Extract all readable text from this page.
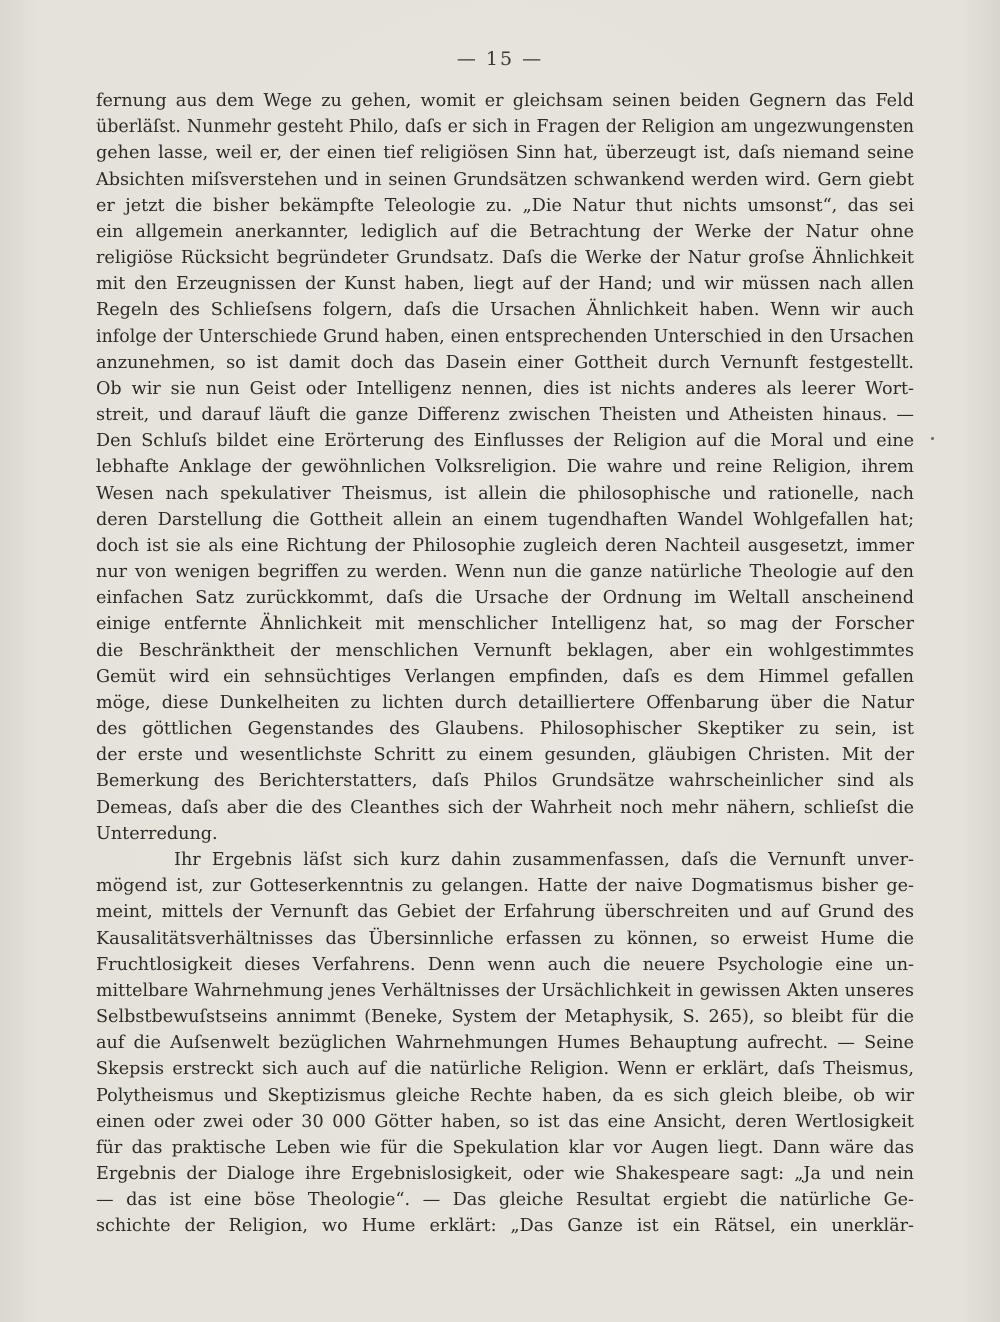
— 15 —
fernung aus dem Wege zu gehen, womit er gleichsam seinen beiden Gegnern das Feld
überläſst. Nunmehr gesteht Philo, daſs er sich in Fragen der Religion am ungezwungensten
gehen lasse, weil er, der einen tief religiösen Sinn hat, überzeugt ist, daſs niemand seine
Absichten miſsverstehen und in seinen Grundsätzen schwankend werden wird. Gern giebt
er jetzt die bisher bekämpfte Teleologie zu. „Die Natur thut nichts umsonst“, das sei
ein allgemein anerkannter, lediglich auf die Betrachtung der Werke der Natur ohne
religiöse Rücksicht begründeter Grundsatz. Daſs die Werke der Natur groſse Ähnlichkeit
mit den Erzeugnissen der Kunst haben, liegt auf der Hand; und wir müssen nach allen
Regeln des Schlieſsens folgern, daſs die Ursachen Ähnlichkeit haben. Wenn wir auch
infolge der Unterschiede Grund haben, einen entsprechenden Unterschied in den Ursachen
anzunehmen, so ist damit doch das Dasein einer Gottheit durch Vernunft festgestellt.
Ob wir sie nun Geist oder Intelligenz nennen, dies ist nichts anderes als leerer Wort-
streit, und darauf läuft die ganze Differenz zwischen Theisten und Atheisten hinaus. —
Den Schluſs bildet eine Erörterung des Einflusses der Religion auf die Moral und eine
lebhafte Anklage der gewöhnlichen Volksreligion. Die wahre und reine Religion, ihrem
Wesen nach spekulativer Theismus, ist allein die philosophische und rationelle, nach
deren Darstellung die Gottheit allein an einem tugendhaften Wandel Wohlgefallen hat;
doch ist sie als eine Richtung der Philosophie zugleich deren Nachteil ausgesetzt, immer
nur von wenigen begriffen zu werden. Wenn nun die ganze natürliche Theologie auf den
einfachen Satz zurückkommt, daſs die Ursache der Ordnung im Weltall anscheinend
einige entfernte Ähnlichkeit mit menschlicher Intelligenz hat, so mag der Forscher
die Beschränktheit der menschlichen Vernunft beklagen, aber ein wohlgestimmtes
Gemüt wird ein sehnsüchtiges Verlangen empfinden, daſs es dem Himmel gefallen
möge, diese Dunkelheiten zu lichten durch detailliertere Offenbarung über die Natur
des göttlichen Gegenstandes des Glaubens. Philosophischer Skeptiker zu sein, ist
der erste und wesentlichste Schritt zu einem gesunden, gläubigen Christen. Mit der
Bemerkung des Berichterstatters, daſs Philos Grundsätze wahrscheinlicher sind als
Demeas, daſs aber die des Cleanthes sich der Wahrheit noch mehr nähern, schlieſst die
Unterredung.
Ihr Ergebnis läſst sich kurz dahin zusammenfassen, daſs die Vernunft unver-
mögend ist, zur Gotteserkenntnis zu gelangen. Hatte der naive Dogmatismus bisher ge-
meint, mittels der Vernunft das Gebiet der Erfahrung überschreiten und auf Grund des
Kausalitätsverhältnisses das Übersinnliche erfassen zu können, so erweist Hume die
Fruchtlosigkeit dieses Verfahrens. Denn wenn auch die neuere Psychologie eine un-
mittelbare Wahrnehmung jenes Verhältnisses der Ursächlichkeit in gewissen Akten unseres
Selbstbewuſstseins annimmt (Beneke, System der Metaphysik, S. 265), so bleibt für die
auf die Auſsenwelt bezüglichen Wahrnehmungen Humes Behauptung aufrecht. — Seine
Skepsis erstreckt sich auch auf die natürliche Religion. Wenn er erklärt, daſs Theismus,
Polytheismus und Skeptizismus gleiche Rechte haben, da es sich gleich bleibe, ob wir
einen oder zwei oder 30 000 Götter haben, so ist das eine Ansicht, deren Wertlosigkeit
für das praktische Leben wie für die Spekulation klar vor Augen liegt. Dann wäre das
Ergebnis der Dialoge ihre Ergebnislosigkeit, oder wie Shakespeare sagt: „Ja und nein
— das ist eine böse Theologie“. — Das gleiche Resultat ergiebt die natürliche Ge-
schichte der Religion, wo Hume erklärt: „Das Ganze ist ein Rätsel, ein unerklär-
